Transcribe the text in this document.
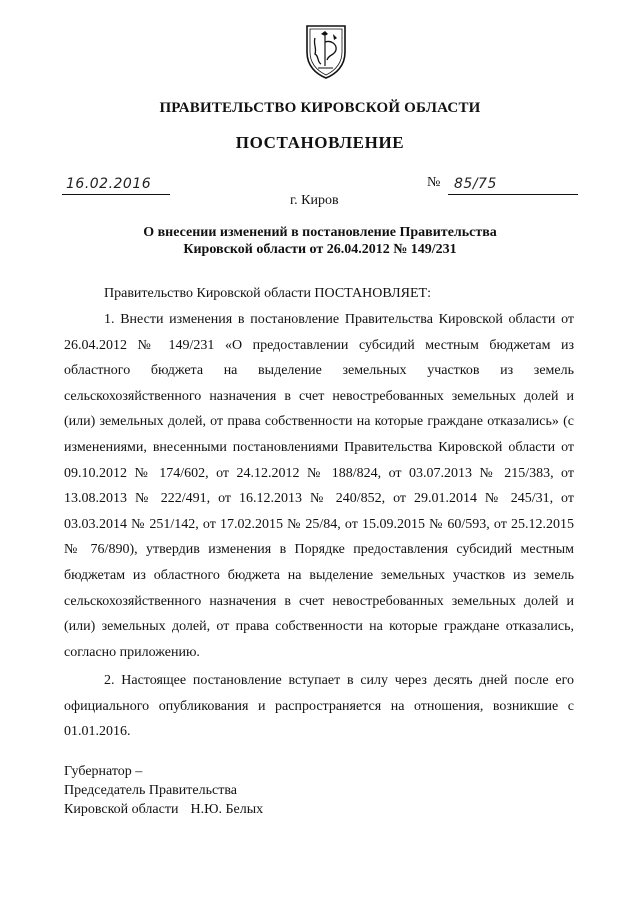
ПРАВИТЕЛЬСТВО КИРОВСКОЙ ОБЛАСТИ
ПОСТАНОВЛЕНИЕ
16.02.2016	№ 85/75
г. Киров
О внесении изменений в постановление Правительства
Кировской области от 26.04.2012 № 149/231
Правительство Кировской области ПОСТАНОВЛЯЕТ:
1. Внести изменения в постановление Правительства Кировской области от 26.04.2012 № 149/231 «О предоставлении субсидий местным бюджетам из областного бюджета на выделение земельных участков из земель сельскохозяйственного назначения в счет невостребованных земельных долей и (или) земельных долей, от права собственности на которые граждане отказались» (с изменениями, внесенными постановлениями Правительства Кировской области от 09.10.2012 № 174/602, от 24.12.2012 № 188/824, от 03.07.2013 № 215/383, от 13.08.2013 № 222/491, от 16.12.2013 № 240/852, от 29.01.2014 № 245/31, от 03.03.2014 № 251/142, от 17.02.2015 № 25/84, от 15.09.2015 № 60/593, от 25.12.2015 № 76/890), утвердив изменения в Порядке предоставления субсидий местным бюджетам из областного бюджета на выделение земельных участков из земель сельскохозяйственного назначения в счет невостребованных земельных долей и (или) земельных долей, от права собственности на которые граждане отказались, согласно приложению.
2. Настоящее постановление вступает в силу через десять дней после его официального опубликования и распространяется на отношения, возникшие с 01.01.2016.
Губернатор –
Председатель Правительства
Кировской области Н.Ю. Белых
